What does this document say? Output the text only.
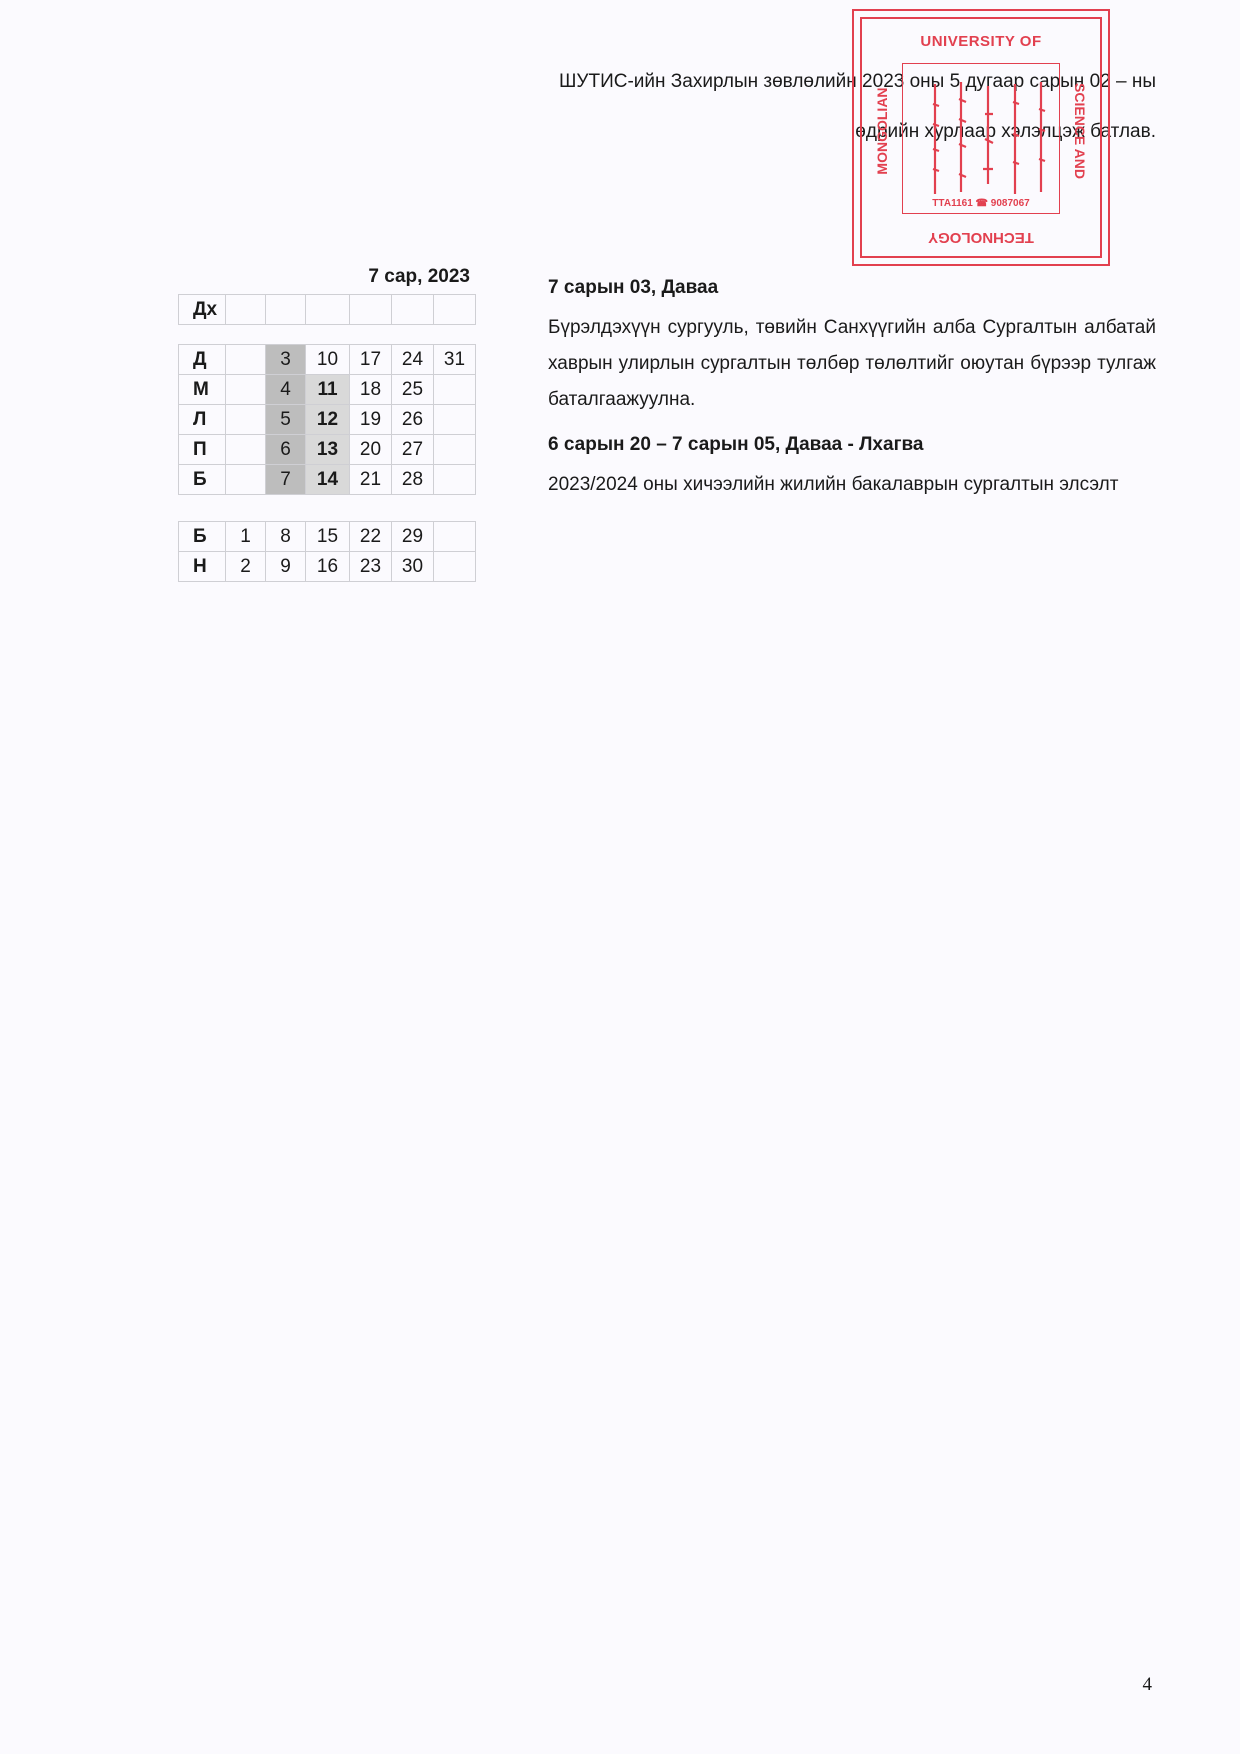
ШУТИС-ийн Захирлын зөвлөлийн 2023 оны 5 дугаар сарын 02 – ны
өдрийн хурлаар хэлэлцэж батлав.
UNIVERSITY OF
MONGOLIAN	SCIENCE AND
TECHNOLOGY
ТТА1161 ☎ 9087067
7 сар, 2023
Дх						
Д		3	10	17	24	31
М		4	11	18	25	
Л		5	12	19	26	
П		6	13	20	27	
Б		7	14	21	28	
Б	1	8	15	22	29	
Н	2	9	16	23	30	

7 сарын 03, Даваа

Бүрэлдэхүүн сургууль, төвийн Санхүүгийн алба Сургалтын албатай хаврын улирлын сургалтын төлбөр төлөлтийг оюутан бүрээр тулгаж баталгаажуулна.

6 сарын 20 – 7 сарын 05, Даваа - Лхагва

2023/2024 оны хичээлийн жилийн бакалаврын сургалтын элсэлт

4
